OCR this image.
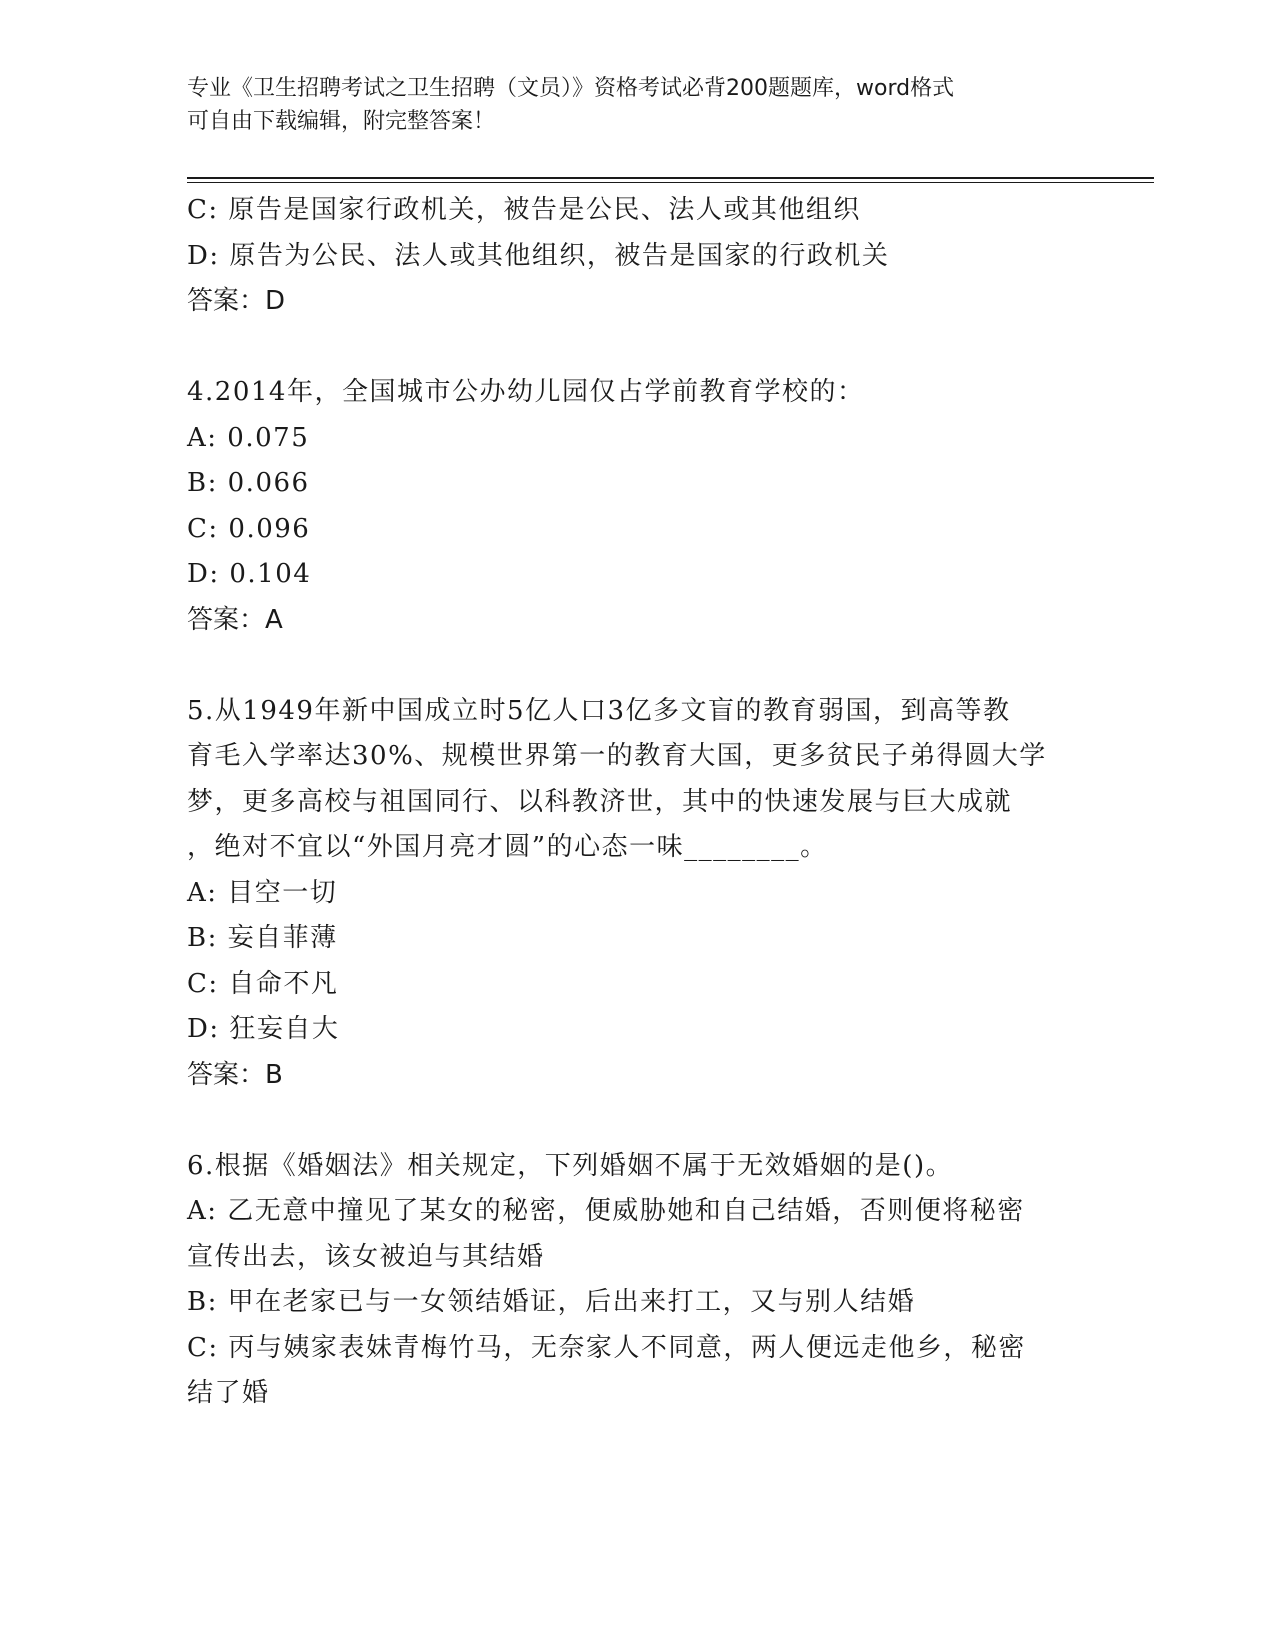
专业《卫生招聘考试之卫生招聘（文员）》资格考试必背200题题库，word格式

可自由下载编辑，附完整答案！

C: 原告是国家行政机关，被告是公民、法人或其他组织
D: 原告为公民、法人或其他组织，被告是国家的行政机关
答案：D
4.2014年，全国城市公办幼儿园仅占学前教育学校的：
A: 0.075
B: 0.066
C: 0.096
D: 0.104
答案：A
5.从1949年新中国成立时5亿人口3亿多文盲的教育弱国，到高等教
育毛入学率达30%、规模世界第一的教育大国，更多贫民子弟得圆大学
梦，更多高校与祖国同行、以科教济世，其中的快速发展与巨大成就
，绝对不宜以“外国月亮才圆”的心态一味________。
A: 目空一切
B: 妄自菲薄
C: 自命不凡
D: 狂妄自大
答案：B
6.根据《婚姻法》相关规定，下列婚姻不属于无效婚姻的是()。
A: 乙无意中撞见了某女的秘密，便威胁她和自己结婚，否则便将秘密
宣传出去，该女被迫与其结婚
B: 甲在老家已与一女领结婚证，后出来打工，又与别人结婚
C: 丙与姨家表妹青梅竹马，无奈家人不同意，两人便远走他乡，秘密
结了婚
